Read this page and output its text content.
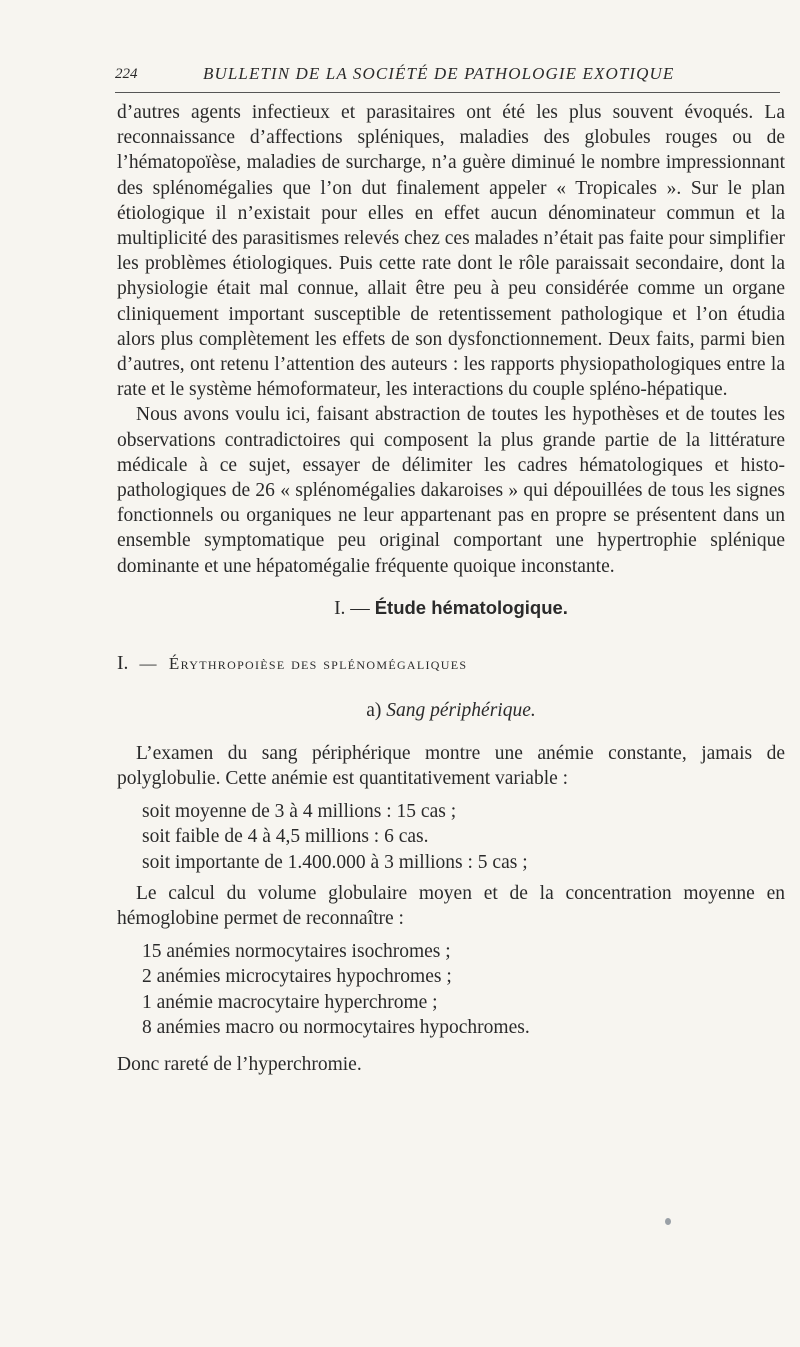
224	BULLETIN DE LA SOCIÉTÉ DE PATHOLOGIE EXOTIQUE

d’autres agents infectieux et parasitaires ont été les plus souvent évoqués. La reconnaissance d’affections spléniques, maladies des globules rouges ou de l’hématopoïèse, maladies de surcharge, n’a guère diminué le nombre impressionnant des splénomégalies que l’on dut finalement appeler « Tropicales ». Sur le plan étiologique il n’existait pour elles en effet aucun dénominateur commun et la multiplicité des parasitismes relevés chez ces malades n’était pas faite pour simplifier les problèmes étiologiques. Puis cette rate dont le rôle paraissait secondaire, dont la physiologie était mal connue, allait être peu à peu considérée comme un organe cliniquement important susceptible de retentissement pathologique et l’on étudia alors plus complètement les effets de son dysfonctionnement. Deux faits, parmi bien d’autres, ont retenu l’attention des auteurs : les rapports physiopathologiques entre la rate et le système hémoformateur, les interactions du couple spléno-hépatique.

Nous avons voulu ici, faisant abstraction de toutes les hypothèses et de toutes les observations contradictoires qui composent la plus grande partie de la littérature médicale à ce sujet, essayer de délimiter les cadres hématologiques et histo-pathologiques de 26 « splénomégalies dakaroises » qui dépouillées de tous les signes fonctionnels ou organiques ne leur appartenant pas en propre se présentent dans un ensemble symptomatique peu original comportant une hypertrophie splénique dominante et une hépatomégalie fréquente quoique inconstante.

I. — Étude hématologique.
I. — Érythropoièse des splénomégaliques
a) Sang périphérique.

L’examen du sang périphérique montre une anémie constante, jamais de polyglobulie. Cette anémie est quantitativement variable :

soit moyenne de 3 à 4 millions : 15 cas ;
soit faible de 4 à 4,5 millions : 6 cas.
soit importante de 1.400.000 à 3 millions : 5 cas ;

Le calcul du volume globulaire moyen et de la concentration moyenne en hémoglobine permet de reconnaître :

15 anémies normocytaires isochromes ;
2 anémies microcytaires hypochromes ;
1 anémie macrocytaire hyperchrome ;
8 anémies macro ou normocytaires hypochromes.

Donc rareté de l’hyperchromie.
